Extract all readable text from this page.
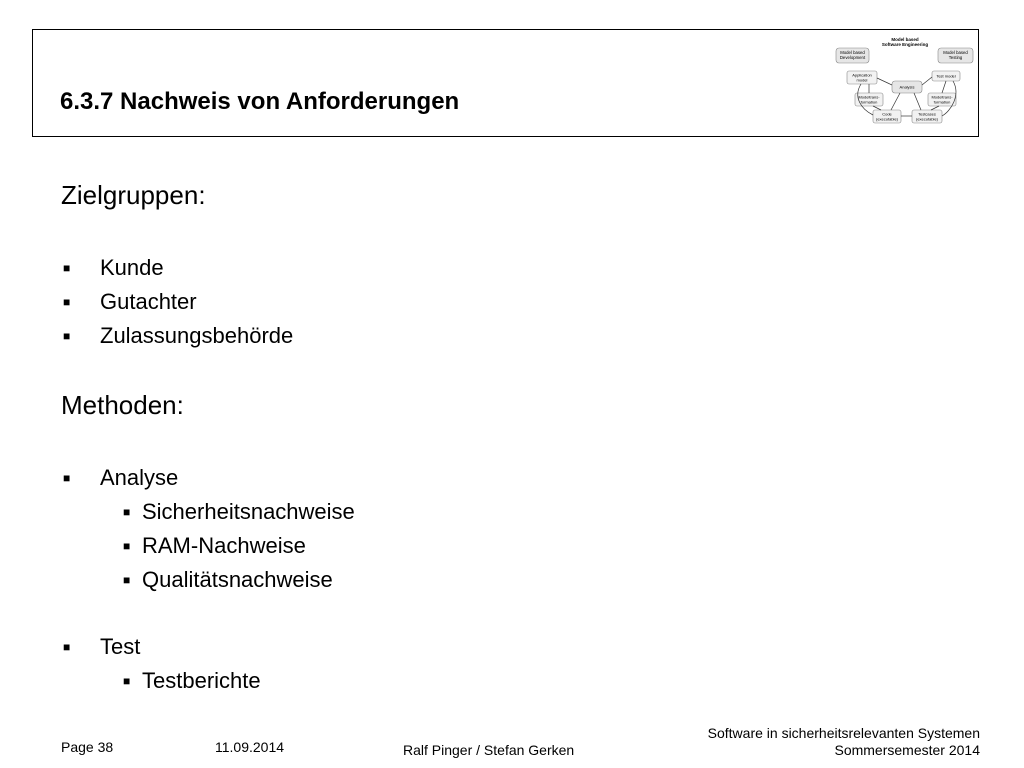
6.3.7 Nachweis von Anforderungen
Model based
Software Engineering
Model based
Development
Model based
Testing
Application
model
Test model
Analysis
Modeltrans-
formation
Modeltrans-
formation
Code
(executable)
Testcases
(executable)
Zielgruppen:
■ Kunde
■ Gutachter
■ Zulassungsbehörde
Methoden:
■ Analyse
■ Sicherheitsnachweise
■ RAM-Nachweise
■ Qualitätsnachweise
■ Test
■ Testberichte
Page 38	11.09.2014	Ralf Pinger / Stefan Gerken
Software in sicherheitsrelevanten Systemen
Sommersemester 2014
